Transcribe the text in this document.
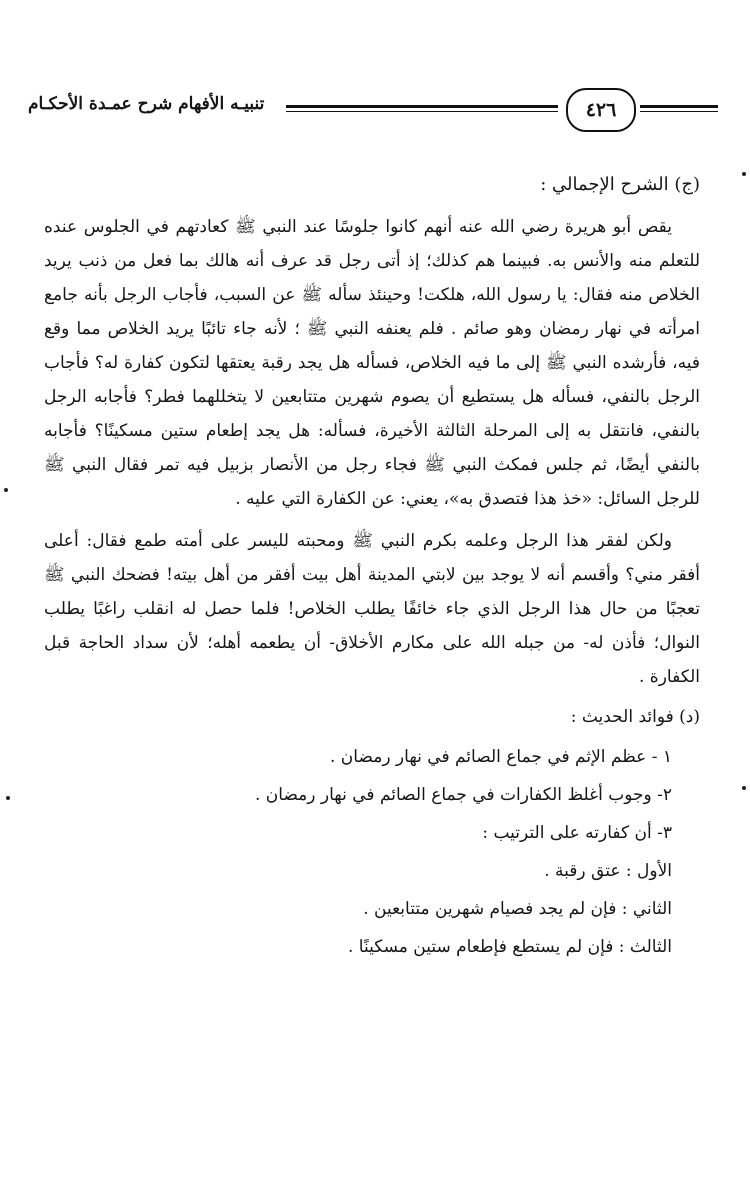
تنبيـه الأفهام شرح عمـدة الأحكـام	٤٢٦

(ج) الشرح الإجمالي :

يقص أبو هريرة رضي الله عنه أنهم كانوا جلوسًا عند النبي ﷺ كعادتهم في الجلوس عنده للتعلم منه والأنس به. فبينما هم كذلك؛ إذ أتى رجل قد عرف أنه هالك بما فعل من ذنب يريد الخلاص منه فقال: يا رسول الله، هلكت! وحينئذ سأله ﷺ عن السبب، فأجاب الرجل بأنه جامع امرأته في نهار رمضان وهو صائم . فلم يعنفه النبي ﷺ ؛ لأنه جاء تائبًا يريد الخلاص مما وقع فيه، فأرشده النبي ﷺ إلى ما فيه الخلاص، فسأله هل يجد رقبة يعتقها لتكون كفارة له؟ فأجاب الرجل بالنفي، فسأله هل يستطيع أن يصوم شهرين متتابعين لا يتخللهما فطر؟ فأجابه الرجل بالنفي، فانتقل به إلى المرحلة الثالثة الأخيرة، فسأله: هل يجد إطعام ستين مسكينًا؟ فأجابه بالنفي أيضًا، ثم جلس فمكث النبي ﷺ فجاء رجل من الأنصار بزبيل فيه تمر فقال النبي ﷺ للرجل السائل: «خذ هذا فتصدق به»، يعني: عن الكفارة التي عليه .

ولكن لفقر هذا الرجل وعلمه بكرم النبي ﷺ ومحبته لليسر على أمته طمع فقال: أعلى أفقر مني؟ وأقسم أنه لا يوجد بين لابتي المدينة أهل بيت أفقر من أهل بيته! فضحك النبي ﷺ تعجبًا من حال هذا الرجل الذي جاء خائفًا يطلب الخلاص! فلما حصل له انقلب راغبًا يطلب النوال؛ فأذن له- من جبله الله على مكارم الأخلاق- أن يطعمه أهله؛ لأن سداد الحاجة قبل الكفارة .

(د) فوائد الحديث :

١ - عظم الإثم في جماع الصائم في نهار رمضان .
٢- وجوب أغلظ الكفارات في جماع الصائم في نهار رمضان .
٣- أن كفارته على الترتيب :
الأول : عتق رقبة .
الثاني : فإن لم يجد فصيام شهرين متتابعين .
الثالث : فإن لم يستطع فإطعام ستين مسكينًا .
